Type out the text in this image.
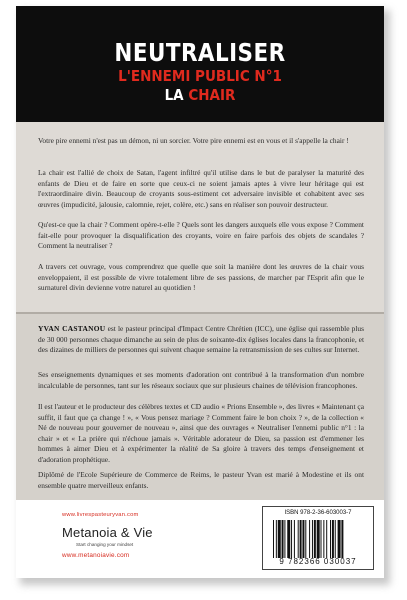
NEUTRALISER
L'ENNEMI PUBLIC N°1
LA CHAIR

Votre pire ennemi n'est pas un démon, ni un sorcier. Votre pire ennemi est en vous et il s'appelle la chair !

La chair est l'allié de choix de Satan, l'agent infiltré qu'il utilise dans le but de paralyser la maturité des enfants de Dieu et de faire en sorte que ceux-ci ne soient jamais aptes à vivre leur héritage qui est l'extraordinaire divin. Beaucoup de croyants sous-estiment cet adversaire invisible et cohabitent avec ses œuvres (impudicité, jalousie, calomnie, rejet, colère, etc.) sans en réaliser son pouvoir destructeur.

Qu'est-ce que la chair ? Comment opère-t-elle ? Quels sont les dangers auxquels elle vous expose ? Comment fait-elle pour provoquer la disqualification des croyants, voire en faire parfois des objets de scandales ? Comment la neutraliser ?

A travers cet ouvrage, vous comprendrez que quelle que soit la manière dont les œuvres de la chair vous enveloppaient, il est possible de vivre totalement libre de ses passions, de marcher par l'Esprit afin que le surnaturel divin devienne votre naturel au quotidien !

YVAN CASTANOU est le pasteur principal d'Impact Centre Chrétien (ICC), une église qui rassemble plus de 30 000 personnes chaque dimanche au sein de plus de soixante-dix églises locales dans la francophonie, et des dizaines de milliers de personnes qui suivent chaque semaine la retransmission de ses cultes sur Internet.

Ses enseignements dynamiques et ses moments d'adoration ont contribué à la transformation d'un nombre incalculable de personnes, tant sur les réseaux sociaux que sur plusieurs chaines de télévision francophones.

Il est l'auteur et le producteur des célèbres textes et CD audio « Prions Ensemble », des livres « Maintenant ça suffit, il faut que ça change ! », « Vous pensez mariage ? Comment faire le bon choix ? », de la collection « Né de nouveau pour gouverner de nouveau », ainsi que des ouvrages « Neutraliser l'ennemi public n°1 : la chair » et « La prière qui n'échoue jamais ». Véritable adorateur de Dieu, sa passion est d'emmener les hommes à aimer Dieu et à expérimenter la réalité de Sa gloire à travers des temps d'enseignement et d'adoration prophétique.

Diplômé de l'Ecole Supérieure de Commerce de Reims, le pasteur Yvan est marié à Modestine et ils ont ensemble quatre merveilleux enfants.

www.livrespasteuryvan.com
Metanoia & Vie
Start changing your mindset
www.metanoiavie.com
ISBN 978-2-36-603003-7
9 782366 030037
